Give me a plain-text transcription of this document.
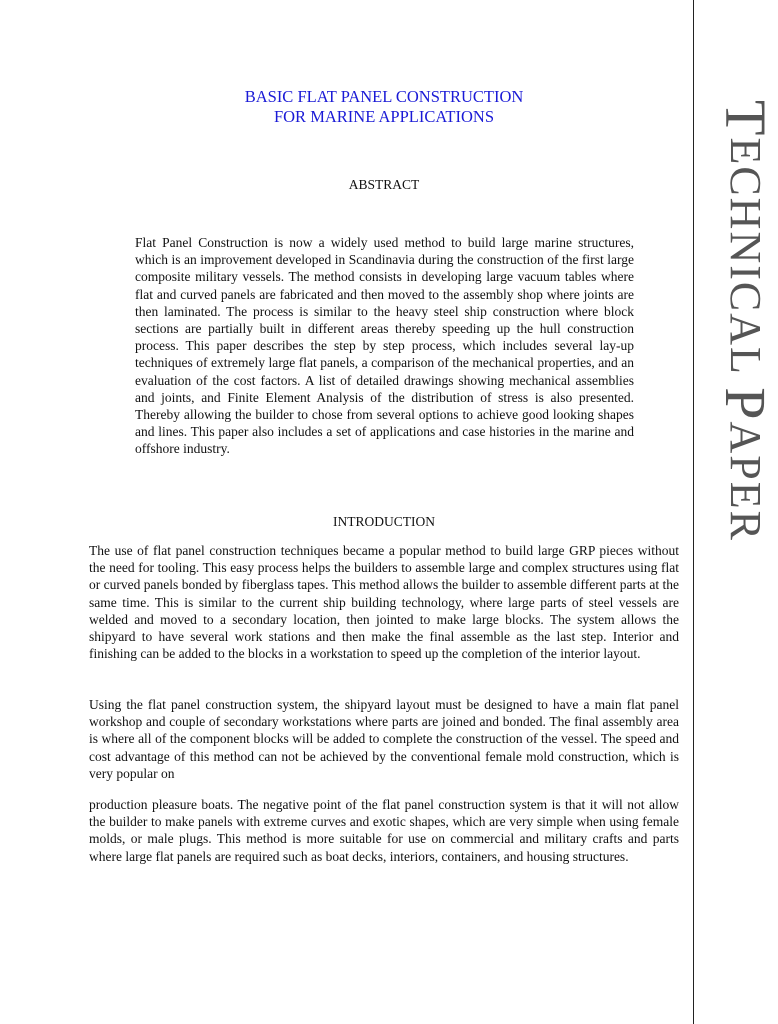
TECHNICAL PAPER
BASIC FLAT PANEL CONSTRUCTION
FOR MARINE APPLICATIONS
ABSTRACT

Flat Panel Construction is now a widely used method to build large marine structures, which is an improvement developed in Scandinavia during the construction of the first large composite military vessels. The method consists in developing large vacuum tables where flat and curved panels are fabricated and then moved to the assembly shop where joints are then laminated. The process is similar to the heavy steel ship construction where block sections are partially built in different areas thereby speeding up the hull construction process. This paper describes the step by step process, which includes several lay-up techniques of extremely large flat panels, a comparison of the mechanical properties, and an evaluation of the cost factors. A list of detailed drawings showing mechanical assemblies and joints, and Finite Element Analysis of the distribution of stress is also presented. Thereby allowing the builder to chose from several options to achieve good looking shapes and lines. This paper also includes a set of applications and case histories in the marine and offshore industry.

INTRODUCTION

The use of flat panel construction techniques became a popular method to build large GRP pieces without the need for tooling. This easy process helps the builders to assemble large and complex structures using flat or curved panels bonded by fiberglass tapes. This method allows the builder to assemble different parts at the same time. This is similar to the current ship building technology, where large parts of steel vessels are welded and moved to a secondary location, then jointed to make large blocks. The system allows the shipyard to have several work stations and then make the final assemble as the last step. Interior and finishing can be added to the blocks in a workstation to speed up the completion of the interior layout.

Using the flat panel construction system, the shipyard layout must be designed to have a main flat panel workshop and couple of secondary workstations where parts are joined and bonded. The final assembly area is where all of the component blocks will be added to complete the construction of the vessel. The speed and cost advantage of this method can not be achieved by the conventional female mold construction, which is very popular on

production pleasure boats. The negative point of the flat panel construction system is that it will not allow the builder to make panels with extreme curves and exotic shapes, which are very simple when using female molds, or male plugs. This method is more suitable for use on commercial and military crafts and parts where large flat panels are required such as boat decks, interiors, containers, and housing structures.
